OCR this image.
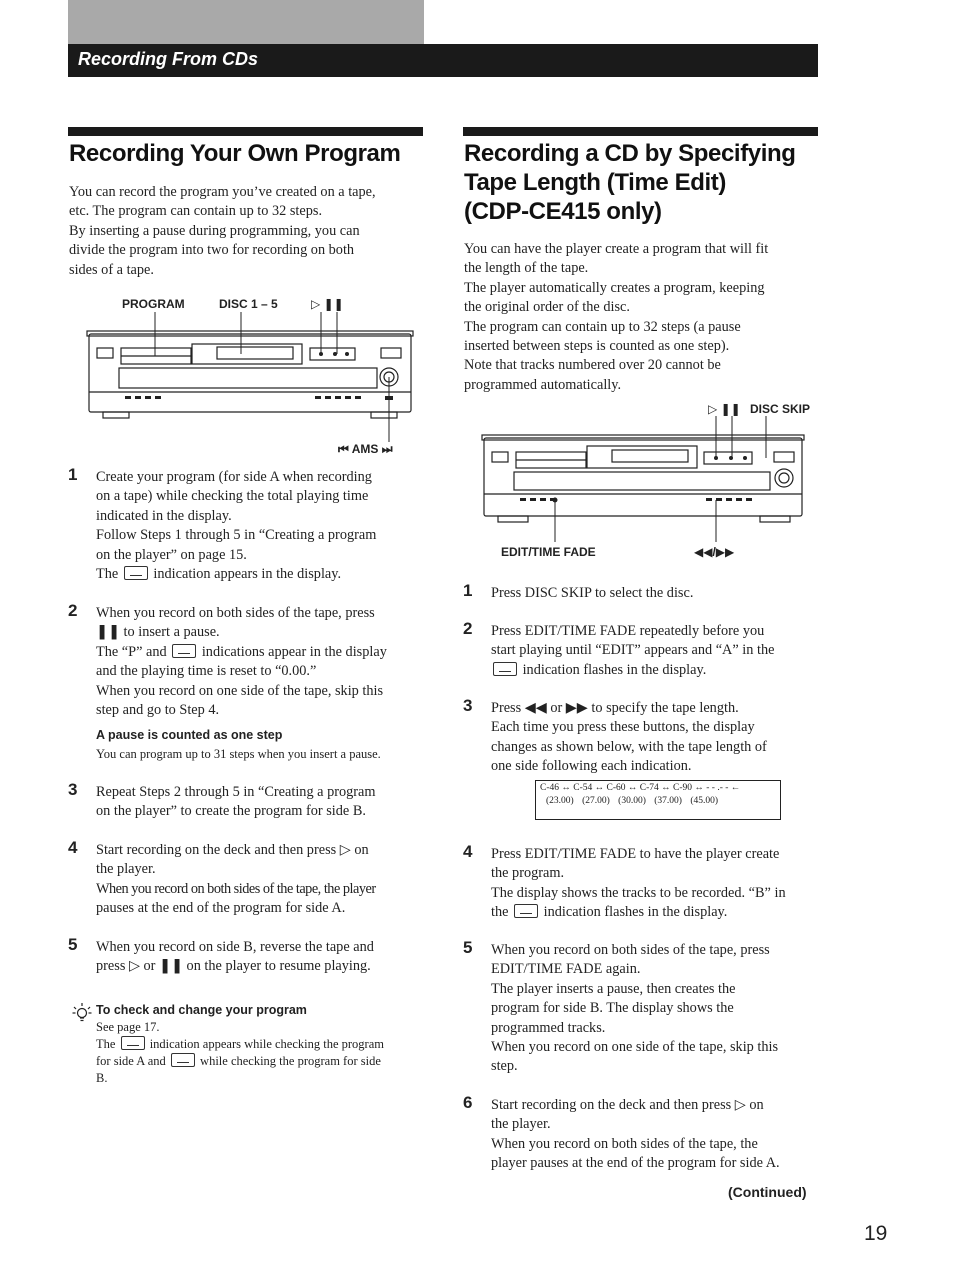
Recording From CDs
Recording Your Own Program

You can record the program you’ve created on a tape,

etc. The program can contain up to 32 steps.

By inserting a pause during programming, you can

divide the program into two for recording on both

sides of a tape.

PROGRAM	DISC 1 – 5	▷ ❚❚
⏮ AMS ⏭
1 Create your program (for side A when recording

on a tape) while checking the total playing time

indicated in the display.

Follow Steps 1 through 5 in “Creating a program

on the player” on page 15.

The indication appears in the display.

2 When you record on both sides of the tape, press

❚❚ to insert a pause.

The “P” and indications appear in the display

and the playing time is reset to “0.00.”

When you record on one side of the tape, skip this

step and go to Step 4.

A pause is counted as one step

You can program up to 31 steps when you insert a pause.

3 Repeat Steps 2 through 5 in “Creating a program

on the player” to create the program for side B.

4 Start recording on the deck and then press ▷ on

the player.

When you record on both sides of the tape, the player

pauses at the end of the program for side A.

5 When you record on side B, reverse the tape and

press ▷ or ❚❚ on the player to resume playing.

To check and change your program
See page 17.
The	indication appears while checking the program
for side A and	while checking the program for side
B.
Recording a CD by Specifying
Tape Length (Time Edit)
(CDP-CE415 only)

You can have the player create a program that will fit

the length of the tape.

The player automatically creates a program, keeping

the original order of the disc.

The program can contain up to 32 steps (a pause

inserted between steps is counted as one step).

Note that tracks numbered over 20 cannot be

programmed automatically.

▷ ❚❚ DISC SKIP
EDIT/TIME FADE	◀◀/▶▶
1 Press DISC SKIP to select the disc.

2 Press EDIT/TIME FADE repeatedly before you

start playing until “EDIT” appears and “A” in the

indication flashes in the display.

3 Press ◀◀ or ▶▶ to specify the tape length.

Each time you press these buttons, the display

changes as shown below, with the tape length of

one side following each indication.

C-46 ↔ C-54 ↔ C-60 ↔ C-74 ↔ C-90 ↔ - - .- - ←
(23.00) (27.00) (30.00) (37.00) (45.00)
4 Press EDIT/TIME FADE to have the player create

the program.

The display shows the tracks to be recorded. “B” in

the indication flashes in the display.

5 When you record on both sides of the tape, press

EDIT/TIME FADE again.

The player inserts a pause, then creates the

program for side B. The display shows the

programmed tracks.

When you record on one side of the tape, skip this

step.

6 Start recording on the deck and then press ▷ on

the player.

When you record on both sides of the tape, the

player pauses at the end of the program for side A.

(Continued)
19
